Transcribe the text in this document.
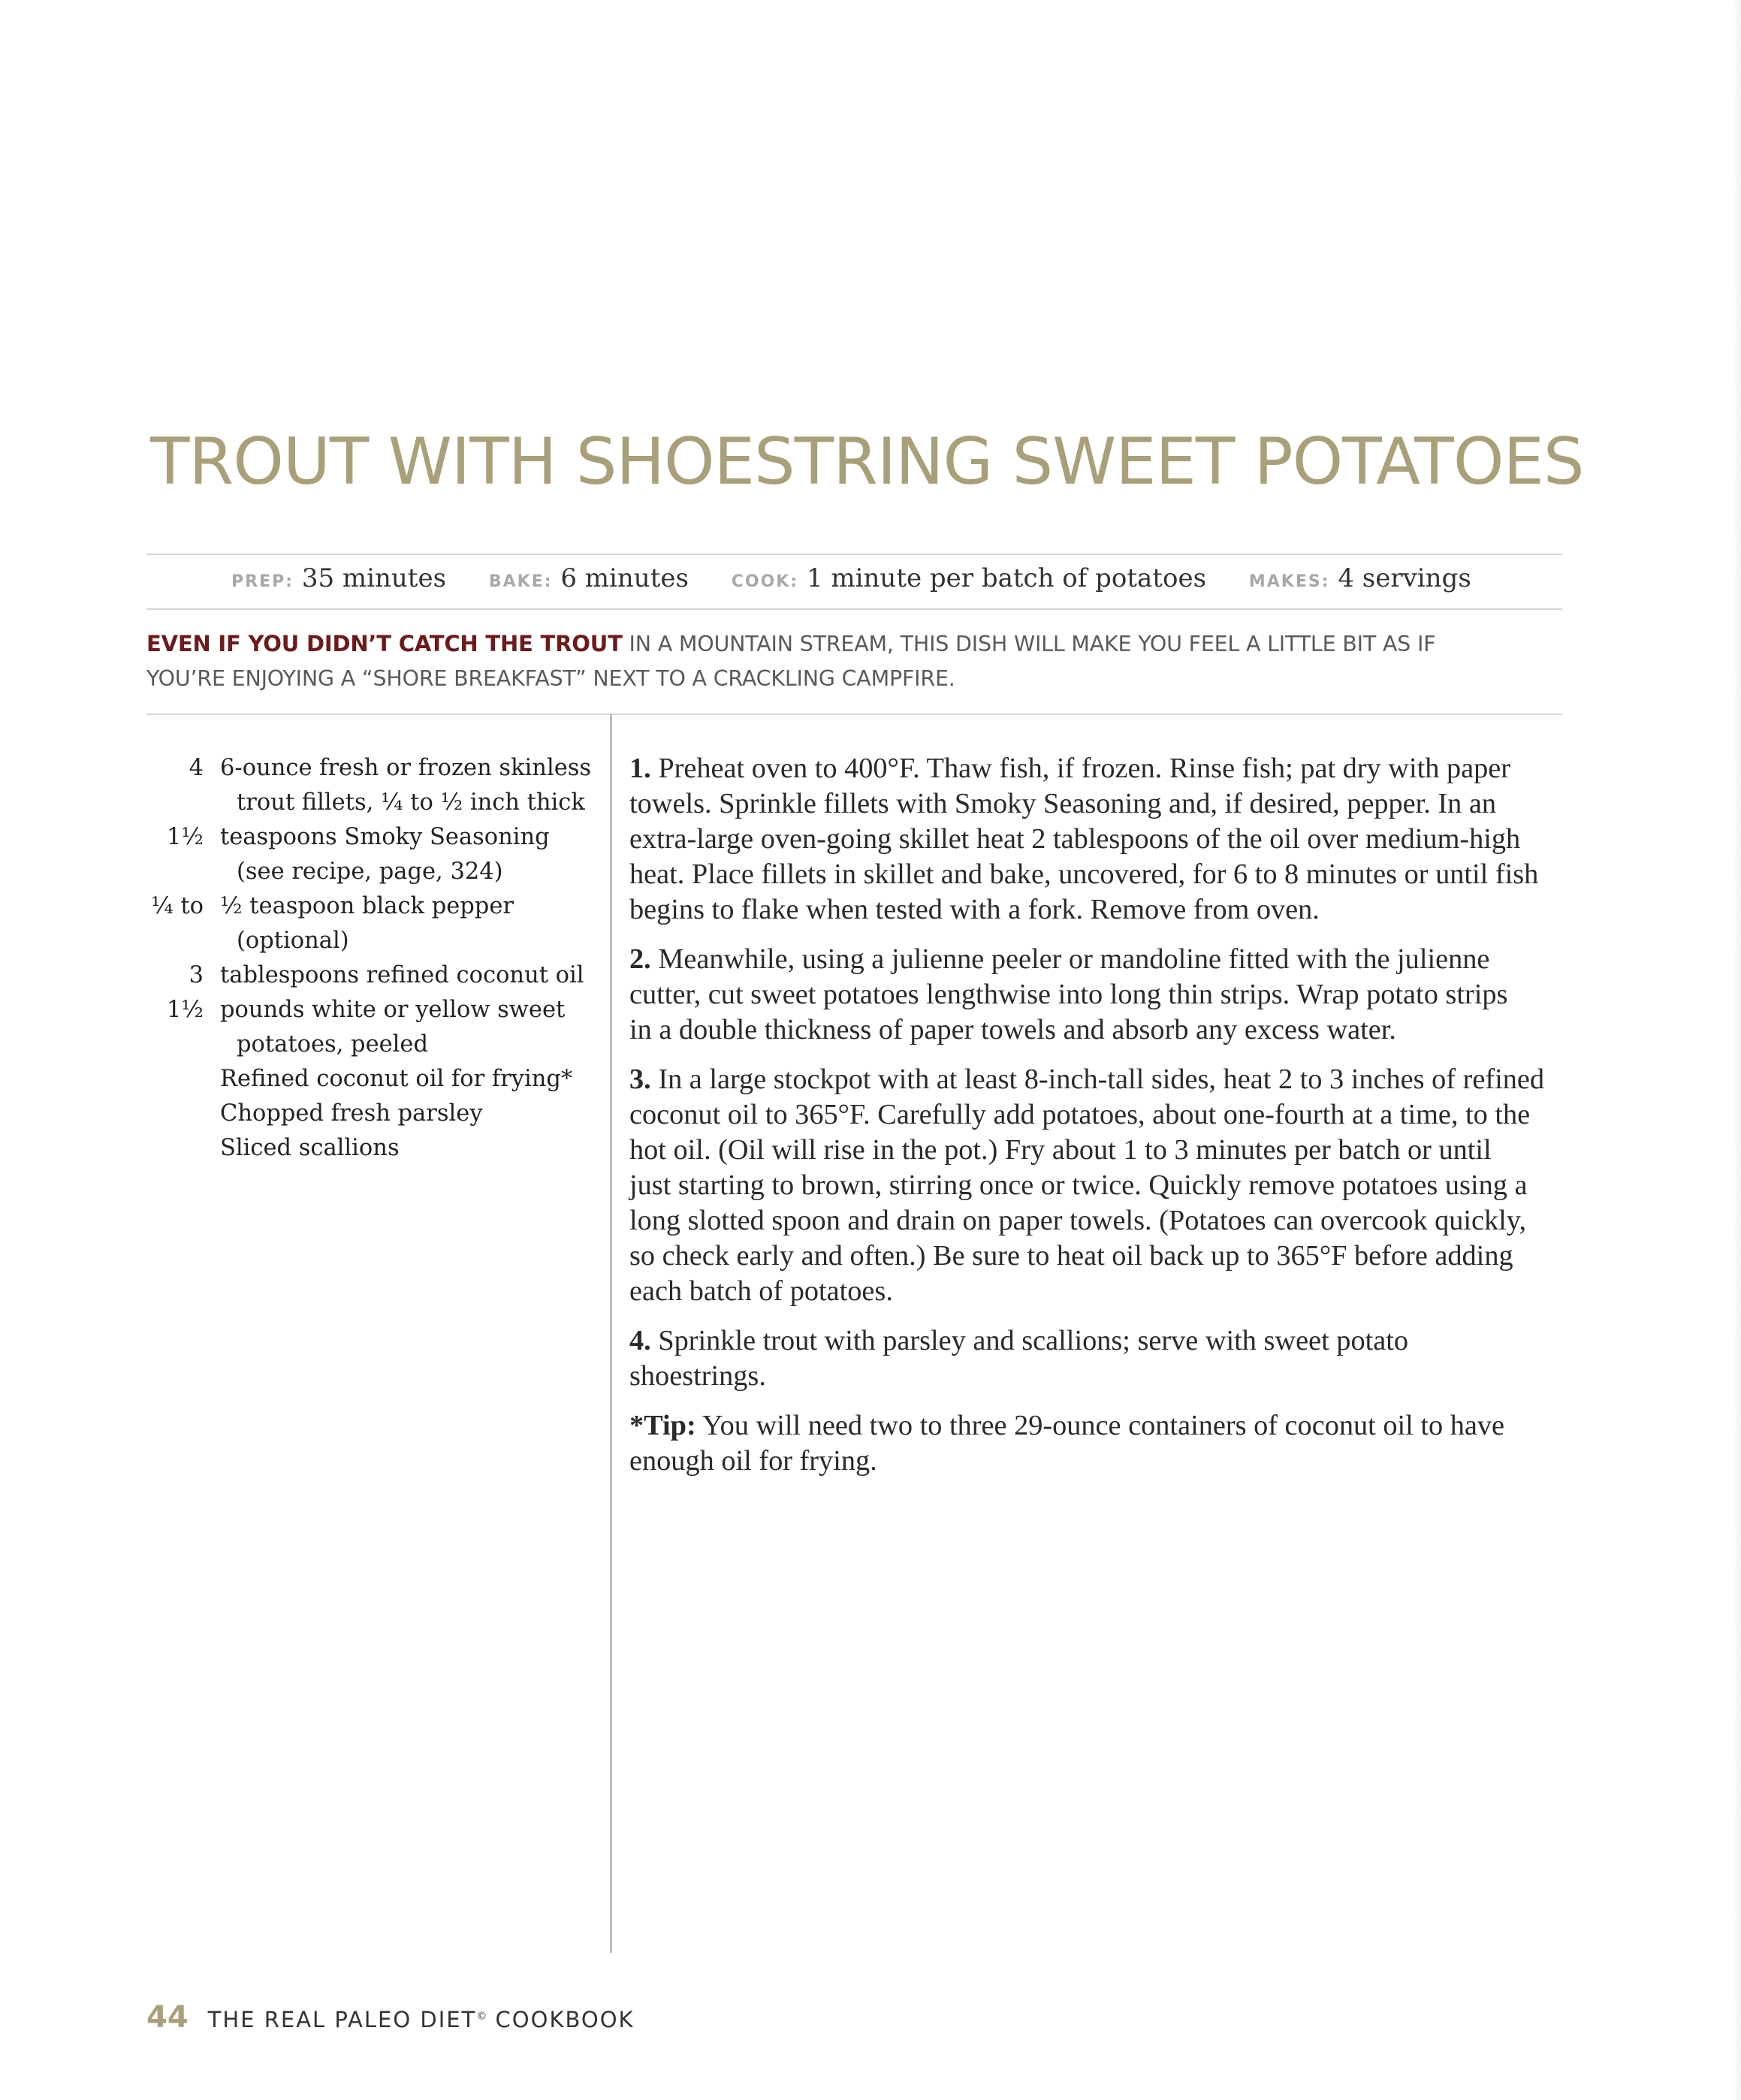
TROUT WITH SHOESTRING SWEET POTATOES
PREP: 35 minutes	BAKE: 6 minutes	COOK: 1 minute per batch of potatoes	MAKES: 4 servings

EVEN IF YOU DIDN’T CATCH THE TROUT IN A MOUNTAIN STREAM, THIS DISH WILL MAKE YOU FEEL A LITTLE BIT AS IF
YOU’RE ENJOYING A “SHORE BREAKFAST” NEXT TO A CRACKLING CAMPFIRE.

4 6-ounce fresh or frozen skinless
trout fillets, ¼ to ½ inch thick
1½ teaspoons Smoky Seasoning
(see recipe, page, 324)
¼ to ½ teaspoon black pepper
(optional)
3 tablespoons refined coconut oil
1½ pounds white or yellow sweet
potatoes, peeled
Refined coconut oil for frying*
Chopped fresh parsley
Sliced scallions
1. Preheat oven to 400°F. Thaw fish, if frozen. Rinse fish; pat dry with paper
towels. Sprinkle fillets with Smoky Seasoning and, if desired, pepper. In an
extra-large oven-going skillet heat 2 tablespoons of the oil over medium-high
heat. Place fillets in skillet and bake, uncovered, for 6 to 8 minutes or until fish
begins to flake when tested with a fork. Remove from oven.
2. Meanwhile, using a julienne peeler or mandoline fitted with the julienne
cutter, cut sweet potatoes lengthwise into long thin strips. Wrap potato strips
in a double thickness of paper towels and absorb any excess water.
3. In a large stockpot with at least 8-inch-tall sides, heat 2 to 3 inches of refined
coconut oil to 365°F. Carefully add potatoes, about one-fourth at a time, to the
hot oil. (Oil will rise in the pot.) Fry about 1 to 3 minutes per batch or until
just starting to brown, stirring once or twice. Quickly remove potatoes using a
long slotted spoon and drain on paper towels. (Potatoes can overcook quickly,
so check early and often.) Be sure to heat oil back up to 365°F before adding
each batch of potatoes.
4. Sprinkle trout with parsley and scallions; serve with sweet potato
shoestrings.
*Tip: You will need two to three 29-ounce containers of coconut oil to have
enough oil for frying.
44 THE REAL PALEO DIET© COOKBOOK
